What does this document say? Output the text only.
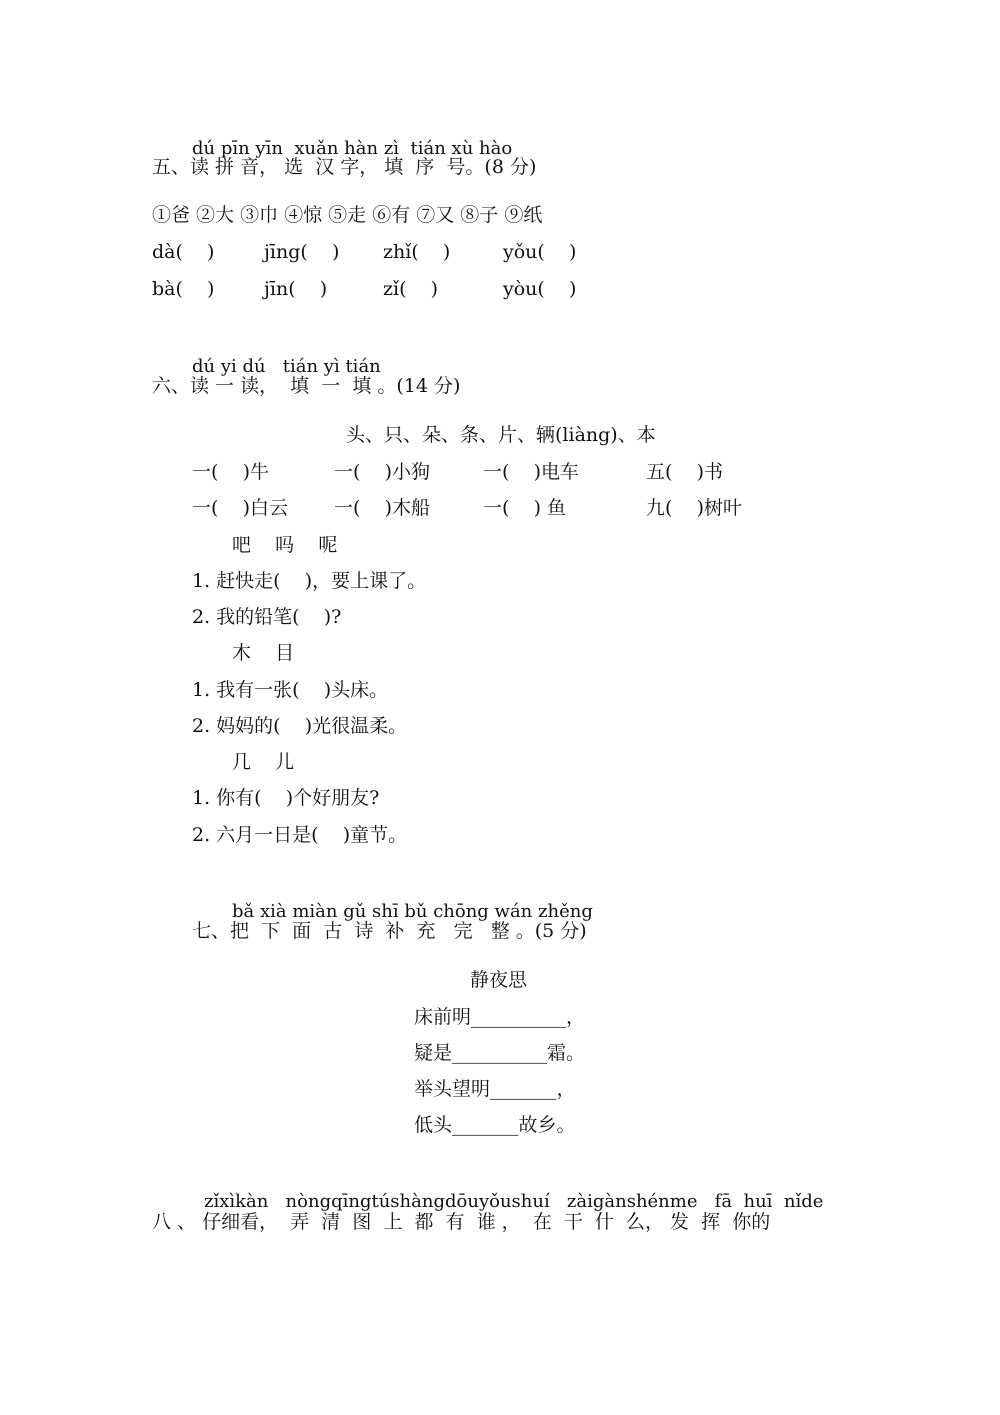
dú pīn yīn  xuǎn hàn zì  tián xù hào
五、读 拼 音， 选  汉 字， 填  序  号。(8 分)
①爸 ②大 ③巾 ④惊 ⑤走 ⑥有 ⑦又 ⑧子 ⑨纸
dà(    )	jīng(    ) zhǐ(    )	yǒu(    )
bà(    )	jīn(    )	zǐ(    )	yòu(    )
dú yi dú   tián yì tián
六、读 一 读，  填  一  填 。(14 分)
头、只、朵、条、片、辆(liàng)、本
一(    )牛	一(    )小狗	一(    )电车	五(    )书
一(    )白云 一(    )木船	一(    ) 鱼	九(    )树叶
吧    吗    呢
1. 赶快走(    )，要上课了。
2. 我的铅笔(    )?
木    目
1. 我有一张(    )头床。
2. 妈妈的(    )光很温柔。
几    儿
1. 你有(    )个好朋友?
2. 六月一日是(    )童节。
bǎ xià miàn gǔ shī bǔ chōng wán zhěng
七、把  下  面  古  诗  补  充   完   整 。(5 分)
静夜思
床前明__________，
疑是__________霜。
举头望明_______，
低头_______故乡。
zǐxìkàn   nòngqīngtúshàngdōuyǒushuí   zàigànshénme   fā  huī  nǐde
八 、 仔细看，  弄  清  图  上  都  有  谁 ，  在  干  什  么， 发  挥  你的
